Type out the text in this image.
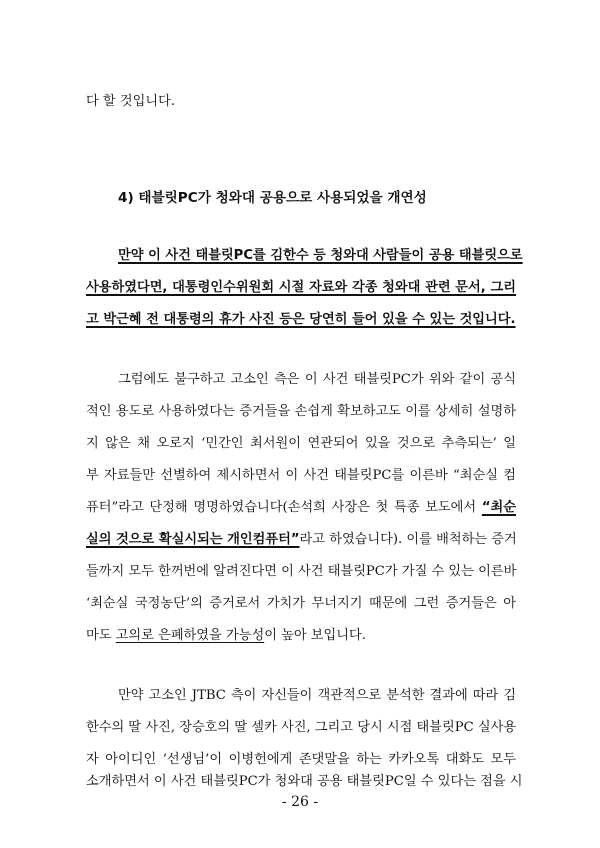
다 할 것입니다.
4) 태블릿PC가 청와대 공용으로 사용되었을 개연성
만약 이 사건 태블릿PC를 김한수 등 청와대 사람들이 공용 태블릿으로
사용하였다면, 대통령인수위원회 시절 자료와 각종 청와대 관련 문서, 그리
고 박근혜 전 대통령의 휴가 사진 등은 당연히 들어 있을 수 있는 것입니다.
그럼에도 불구하고 고소인 측은 이 사건 태블릿PC가 위와 같이 공식
적인 용도로 사용하였다는 증거들을 손쉽게 확보하고도 이를 상세히 설명하
지 않은 채 오로지 ‘민간인 최서원이 연관되어 있을 것으로 추측되는’ 일
부 자료들만 선별하여 제시하면서 이 사건 태블릿PC를 이른바 “최순실 컴
퓨터”라고 단정해 명명하였습니다(손석희 사장은 첫 특종 보도에서 “최순
실의 것으로 확실시되는 개인컴퓨터”라고 하였습니다). 이를 배척하는 증거
들까지 모두 한꺼번에 알려진다면 이 사건 태블릿PC가 가질 수 있는 이른바
‘최순실 국정농단’의 증거로서 가치가 무너지기 때문에 그런 증거들은 아
마도 고의로 은폐하였을 가능성이 높아 보입니다.
만약 고소인 JTBC 측이 자신들이 객관적으로 분석한 결과에 따라 김
한수의 딸 사진, 장승호의 딸 셀카 사진, 그리고 당시 시점 태블릿PC 실사용
자 아이디인 ‘선생님’이 이병헌에게 존댓말을 하는 카카오톡 대화도 모두
소개하면서 이 사건 태블릿PC가 청와대 공용 태블릿PC일 수 있다는 점을 시
- 26 -
